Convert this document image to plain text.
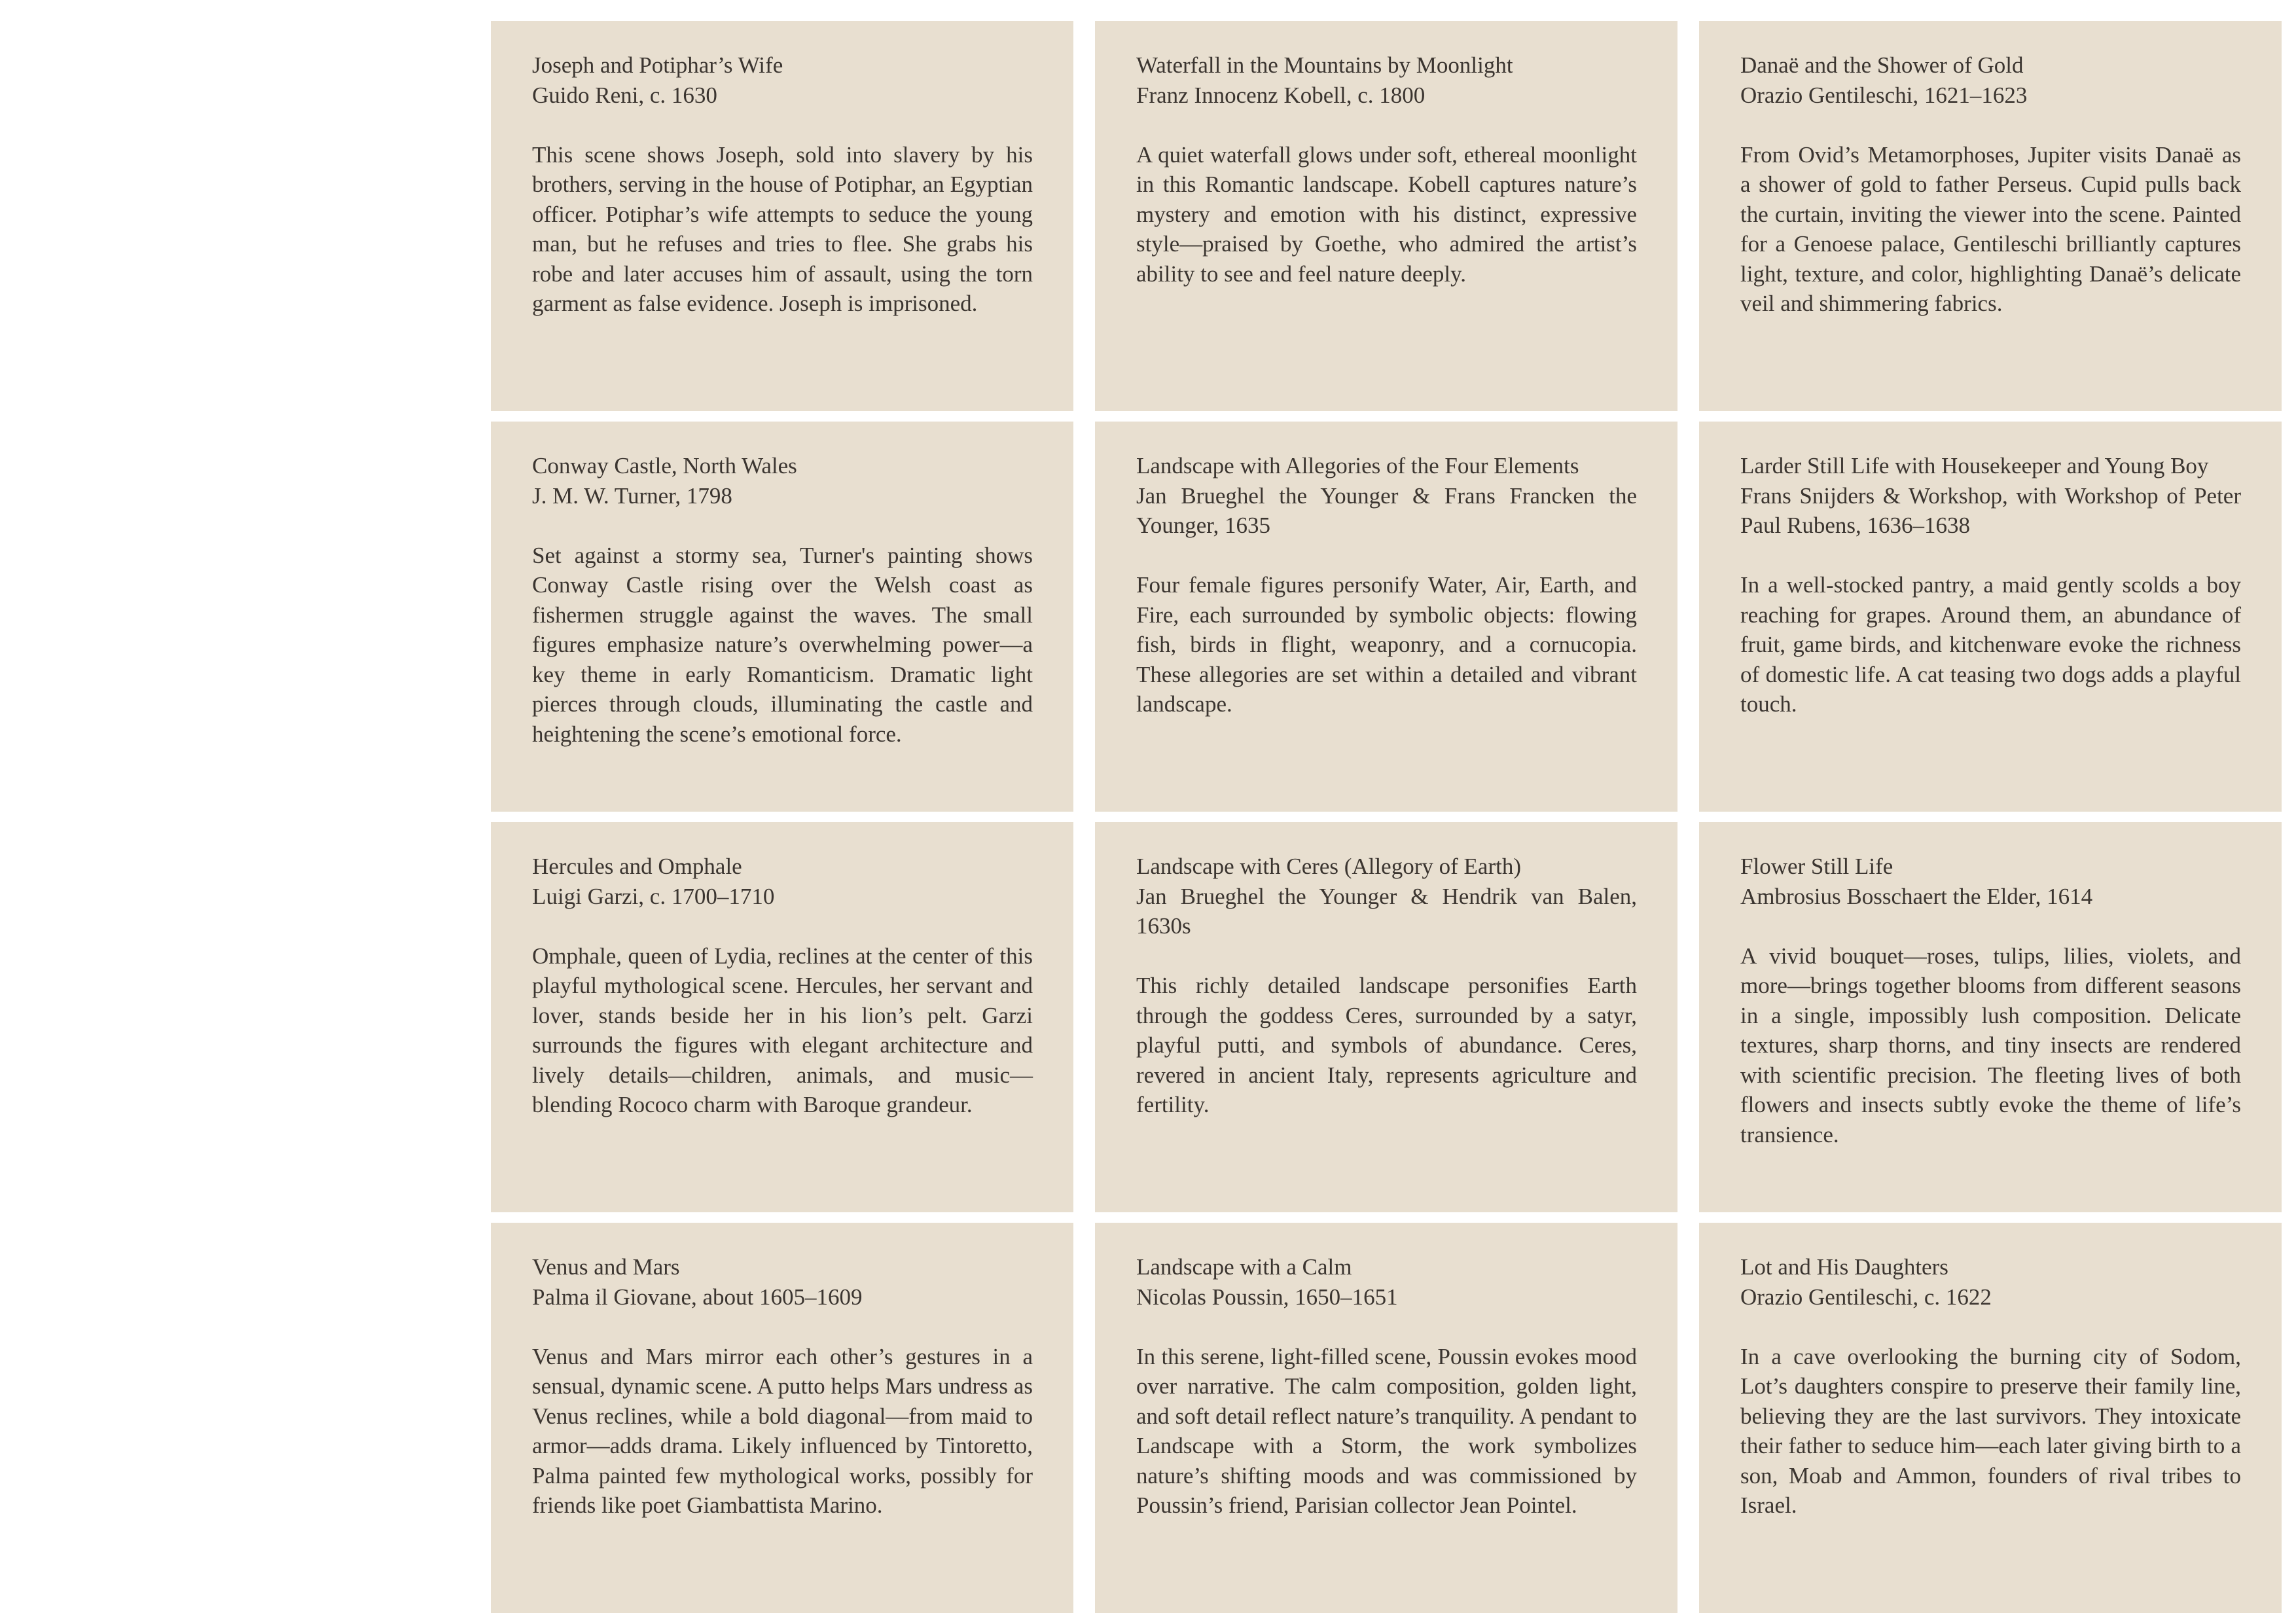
Joseph and Potiphar’s Wife

Guido Reni, c. 1630

This scene shows Joseph, sold into slavery by his brothers, serving in the house of Potiphar, an Egyptian officer. Potiphar’s wife attempts to seduce the young man, but he refuses and tries to flee. She grabs his robe and later accuses him of assault, using the torn garment as false evidence. Joseph is imprisoned.

Waterfall in the Mountains by Moonlight

Franz Innocenz Kobell, c. 1800

A quiet waterfall glows under soft, ethereal moonlight in this Romantic landscape. Kobell captures nature’s mystery and emotion with his distinct, expressive style—praised by Goethe, who admired the artist’s ability to see and feel nature deeply.

Danaë and the Shower of Gold

Orazio Gentileschi, 1621–1623

From Ovid’s Metamorphoses, Jupiter visits Danaë as a shower of gold to father Perseus. Cupid pulls back the curtain, inviting the viewer into the scene. Painted for a Genoese palace, Gentileschi brilliantly captures light, texture, and color, highlighting Danaë’s delicate veil and shimmering fabrics.

Conway Castle, North Wales

J. M. W. Turner, 1798

Set against a stormy sea, Turner's painting shows Conway Castle rising over the Welsh coast as fishermen struggle against the waves. The small figures emphasize nature’s overwhelming power—a key theme in early Romanticism. Dramatic light pierces through clouds, illuminating the castle and heightening the scene’s emotional force.

Landscape with Allegories of the Four Elements

Jan Brueghel the Younger & Frans Francken the Younger, 1635

Four female figures personify Water, Air, Earth, and Fire, each surrounded by symbolic objects: flowing fish, birds in flight, weaponry, and a cornucopia. These allegories are set within a detailed and vibrant landscape.

Larder Still Life with Housekeeper and Young Boy

Frans Snijders & Workshop, with Workshop of Peter Paul Rubens, 1636–1638

In a well-stocked pantry, a maid gently scolds a boy reaching for grapes. Around them, an abundance of fruit, game birds, and kitchenware evoke the richness of domestic life. A cat teasing two dogs adds a playful touch.

Hercules and Omphale

Luigi Garzi, c. 1700–1710

Omphale, queen of Lydia, reclines at the center of this playful mythological scene. Hercules, her servant and lover, stands beside her in his lion’s pelt. Garzi surrounds the figures with elegant architecture and lively details—children, animals, and music—blending Rococo charm with Baroque grandeur.

Landscape with Ceres (Allegory of Earth)

Jan Brueghel the Younger & Hendrik van Balen, 1630s

This richly detailed landscape personifies Earth through the goddess Ceres, surrounded by a satyr, playful putti, and symbols of abundance. Ceres, revered in ancient Italy, represents agriculture and fertility.

Flower Still Life

Ambrosius Bosschaert the Elder, 1614

A vivid bouquet—roses, tulips, lilies, violets, and more—brings together blooms from different seasons in a single, impossibly lush composition. Delicate textures, sharp thorns, and tiny insects are rendered with scientific precision. The fleeting lives of both flowers and insects subtly evoke the theme of life’s transience.

Venus and Mars

Palma il Giovane, about 1605–1609

Venus and Mars mirror each other’s gestures in a sensual, dynamic scene. A putto helps Mars undress as Venus reclines, while a bold diagonal—from maid to armor—adds drama. Likely influenced by Tintoretto, Palma painted few mythological works, possibly for friends like poet Giambattista Marino.

Landscape with a Calm

Nicolas Poussin, 1650–1651

In this serene, light-filled scene, Poussin evokes mood over narrative. The calm composition, golden light, and soft detail reflect nature’s tranquility. A pendant to Landscape with a Storm, the work symbolizes nature’s shifting moods and was commissioned by Poussin’s friend, Parisian collector Jean Pointel.

Lot and His Daughters

Orazio Gentileschi, c. 1622

In a cave overlooking the burning city of Sodom, Lot’s daughters conspire to preserve their family line, believing they are the last survivors. They intoxicate their father to seduce him—each later giving birth to a son, Moab and Ammon, founders of rival tribes to Israel.
